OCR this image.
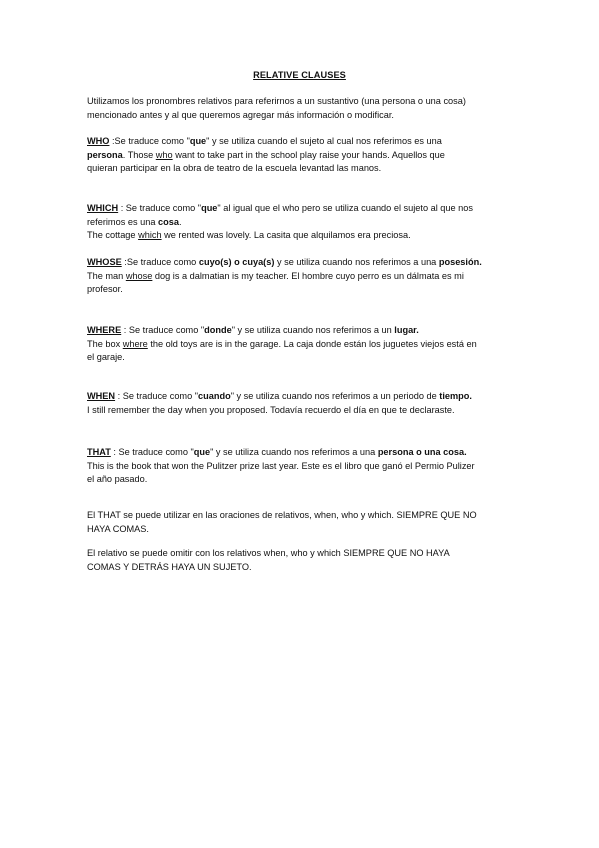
RELATIVE CLAUSES

Utilizamos los pronombres relativos para referirnos a un sustantivo (una persona o una cosa)

mencionado antes y al que queremos agregar más información o modificar.

WHO :Se traduce como "que" y se utiliza cuando el sujeto al cual nos referimos es una

persona. Those who want to take part in the school play raise your hands. Aquellos que

quieran participar en la obra de teatro de la escuela levantad las manos.

WHICH : Se traduce como "que" al igual que el who pero se utiliza cuando el sujeto al que nos

referimos es una cosa.

The cottage which we rented was lovely. La casita que alquilamos era preciosa.

WHOSE :Se traduce como cuyo(s) o cuya(s) y se utiliza cuando nos referimos a una posesión.

The man whose dog is a dalmatian is my teacher. El hombre cuyo perro es un dálmata es mi

profesor.

WHERE : Se traduce como "donde" y se utiliza cuando nos referimos a un lugar.

The box where the old toys are is in the garage. La caja donde están los juguetes viejos está en

el garaje.

WHEN : Se traduce como "cuando" y se utiliza cuando nos referimos a un periodo de tiempo.

I still remember the day when you proposed. Todavía recuerdo el día en que te declaraste.

THAT : Se traduce como "que" y se utiliza cuando nos referimos a una persona o una cosa.

This is the book that won the Pulitzer prize last year. Este es el libro que ganó el Permio Pulizer

el año pasado.

El THAT se puede utilizar en las oraciones de relativos, when, who y which. SIEMPRE QUE NO

HAYA COMAS.

El relativo se puede omitir con los relativos when, who y which SIEMPRE QUE NO HAYA

COMAS Y DETRÁS HAYA UN SUJETO.
